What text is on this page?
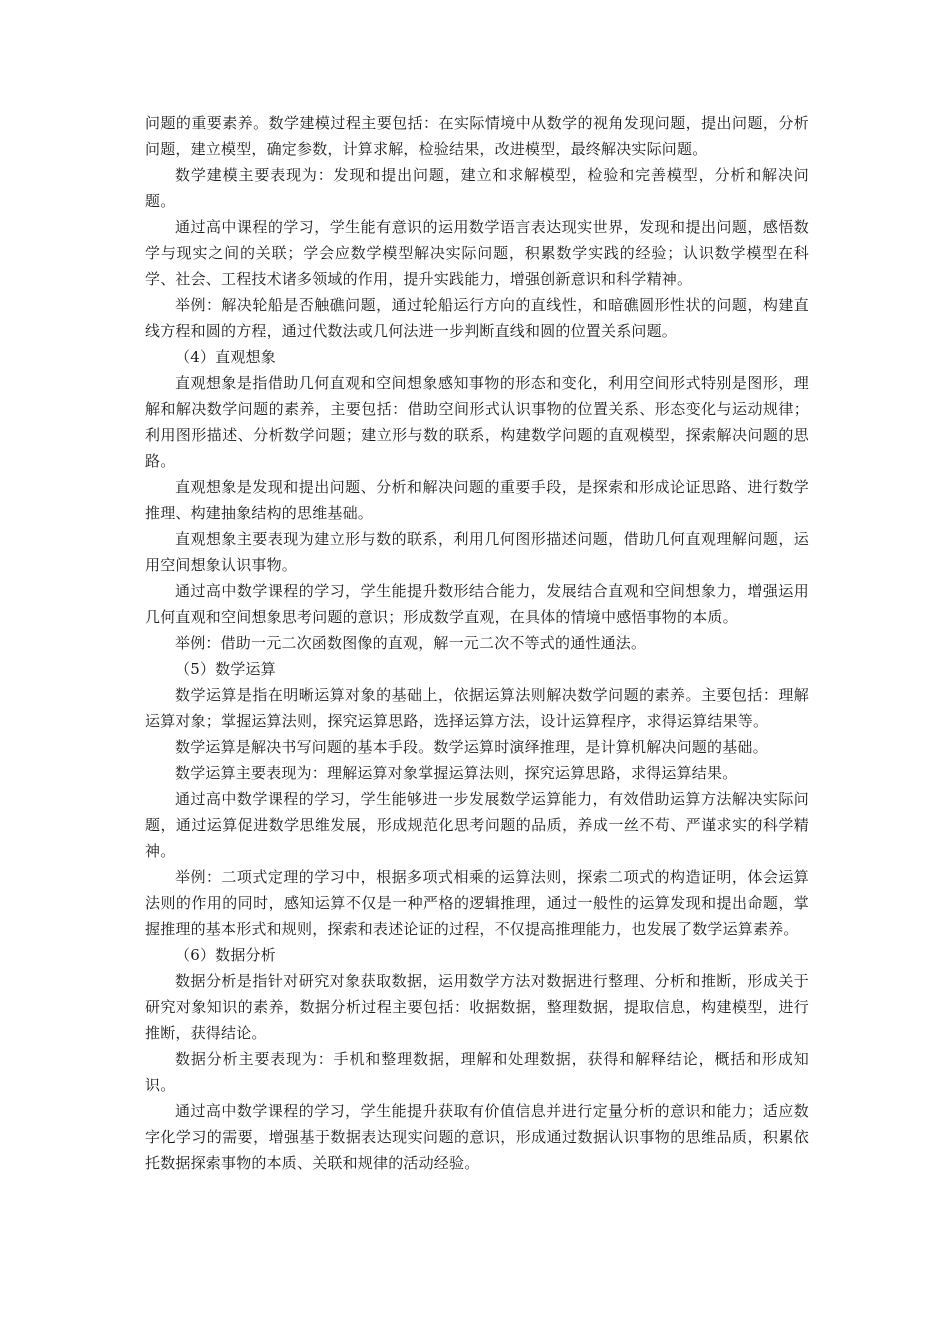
问题的重要素养。数学建模过程主要包括：在实际情境中从数学的视角发现问题，提出问题，分析问题，建立模型，确定参数，计算求解，检验结果，改进模型，最终解决实际问题。

数学建模主要表现为：发现和提出问题，建立和求解模型，检验和完善模型，分析和解决问题。

通过高中课程的学习，学生能有意识的运用数学语言表达现实世界，发现和提出问题，感悟数学与现实之间的关联；学会应数学模型解决实际问题，积累数学实践的经验；认识数学模型在科学、社会、工程技术诸多领域的作用，提升实践能力，增强创新意识和科学精神。

举例：解决轮船是否触礁问题，通过轮船运行方向的直线性，和暗礁圆形性状的问题，构建直线方程和圆的方程，通过代数法或几何法进一步判断直线和圆的位置关系问题。

（4）直观想象

直观想象是指借助几何直观和空间想象感知事物的形态和变化，利用空间形式特别是图形，理解和解决数学问题的素养，主要包括：借助空间形式认识事物的位置关系、形态变化与运动规律；利用图形描述、分析数学问题；建立形与数的联系，构建数学问题的直观模型，探索解决问题的思路。

直观想象是发现和提出问题、分析和解决问题的重要手段，是探索和形成论证思路、进行数学推理、构建抽象结构的思维基础。

直观想象主要表现为建立形与数的联系，利用几何图形描述问题，借助几何直观理解问题，运用空间想象认识事物。

通过高中数学课程的学习，学生能提升数形结合能力，发展结合直观和空间想象力，增强运用几何直观和空间想象思考问题的意识；形成数学直观，在具体的情境中感悟事物的本质。

举例：借助一元二次函数图像的直观，解一元二次不等式的通性通法。

（5）数学运算

数学运算是指在明晰运算对象的基础上，依据运算法则解决数学问题的素养。主要包括：理解运算对象；掌握运算法则，探究运算思路，选择运算方法，设计运算程序，求得运算结果等。

数学运算是解决书写问题的基本手段。数学运算时演绎推理，是计算机解决问题的基础。

数学运算主要表现为：理解运算对象掌握运算法则，探究运算思路，求得运算结果。

通过高中数学课程的学习，学生能够进一步发展数学运算能力，有效借助运算方法解决实际问题，通过运算促进数学思维发展，形成规范化思考问题的品质，养成一丝不苟、严谨求实的科学精神。

举例：二项式定理的学习中，根据多项式相乘的运算法则，探索二项式的构造证明，体会运算法则的作用的同时，感知运算不仅是一种严格的逻辑推理，通过一般性的运算发现和提出命题，掌握推理的基本形式和规则，探索和表述论证的过程，不仅提高推理能力，也发展了数学运算素养。

（6）数据分析

数据分析是指针对研究对象获取数据，运用数学方法对数据进行整理、分析和推断，形成关于研究对象知识的素养，数据分析过程主要包括：收据数据，整理数据，提取信息，构建模型，进行推断，获得结论。

数据分析主要表现为：手机和整理数据，理解和处理数据，获得和解释结论，概括和形成知识。

通过高中数学课程的学习，学生能提升获取有价值信息并进行定量分析的意识和能力；适应数字化学习的需要，增强基于数据表达现实问题的意识，形成通过数据认识事物的思维品质，积累依托数据探索事物的本质、关联和规律的活动经验。
